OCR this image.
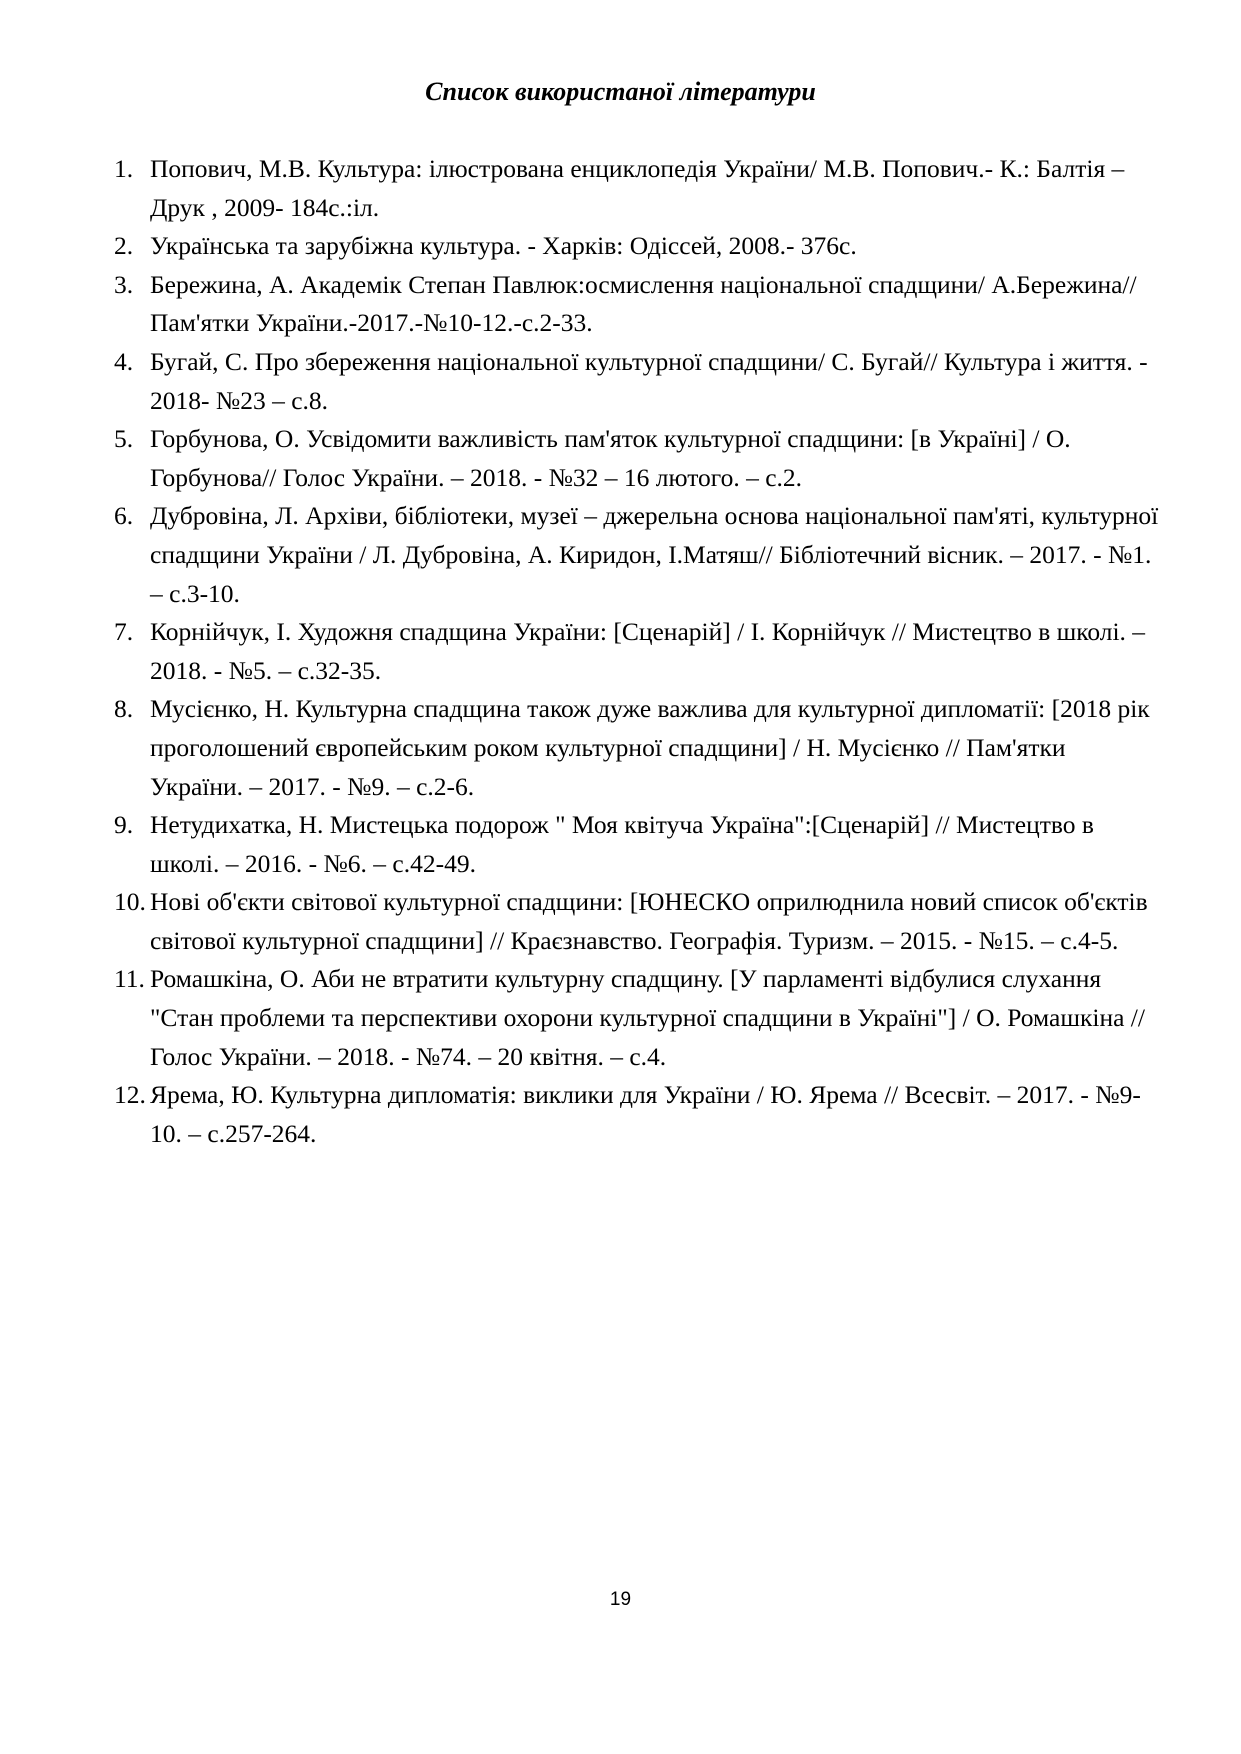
Список використаної літератури
1. Попович, М.В. Культура: ілюстрована енциклопедія України/ М.В. Попович.- К.: Балтія –Друк , 2009- 184с.:іл.
2. Українська та зарубіжна культура. - Харків: Одіссей, 2008.- 376с.
3. Бережина, А. Академік Степан Павлюк:осмислення національної спадщини/ А.Бережина// Пам'ятки України.-2017.-№10-12.-с.2-33.
4. Бугай, С. Про збереження національної культурної спадщини/ С. Бугай// Культура і життя. - 2018- №23 – с.8.
5. Горбунова, О. Усвідомити важливість пам'яток культурної спадщини: [в Україні] / О. Горбунова// Голос України. – 2018. - №32 – 16 лютого. – с.2.
6. Дубровіна, Л. Архіви, бібліотеки, музеї – джерельна основа національної пам'яті, культурної спадщини України / Л. Дубровіна, А. Киридон, І.Матяш// Бібліотечний вісник. – 2017. - №1. – с.3-10.
7. Корнійчук, І. Художня спадщина України: [Сценарій] / І. Корнійчук // Мистецтво в школі. – 2018. - №5. – с.32-35.
8. Мусієнко, Н. Культурна спадщина також дуже важлива для культурної дипломатії: [2018 рік проголошений європейським роком культурної спадщини] / Н. Мусієнко // Пам'ятки України. – 2017. - №9. – с.2-6.
9. Нетудихатка, Н. Мистецька подорож " Моя квітуча Україна":[Сценарій] // Мистецтво в школі. – 2016. - №6. – с.42-49.
10. Нові об'єкти світової культурної спадщини: [ЮНЕСКО оприлюднила новий список об'єктів світової культурної спадщини] // Краєзнавство. Географія. Туризм. – 2015. - №15. – с.4-5.
11. Ромашкіна, О. Аби не втратити культурну спадщину. [У парламенті відбулися слухання "Стан проблеми та перспективи охорони культурної спадщини в Україні"] / О. Ромашкіна // Голос України. – 2018. - №74. – 20 квітня. – с.4.
12. Ярема, Ю. Культурна дипломатія: виклики для України / Ю. Ярема // Всесвіт. – 2017. - №9-10. – с.257-264.
19
